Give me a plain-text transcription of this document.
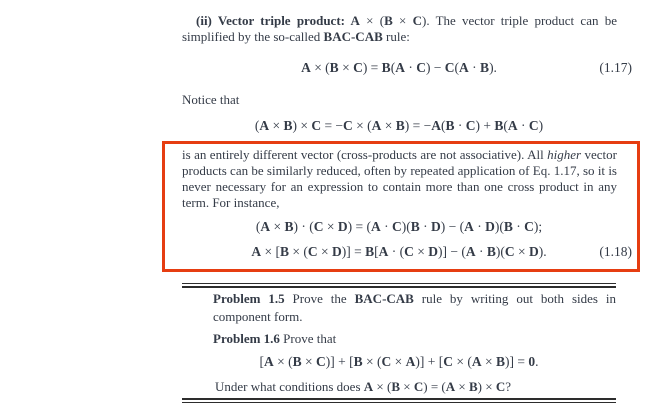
(ii) Vector triple product: A × (B × C). The vector triple product can be simplified by the so-called BAC-CAB rule:

A × (B × C) = B(A · C) − C(A · B).	(1.17)

Notice that

(A × B) × C = −C × (A × B) = −A(B · C) + B(A · C)

is an entirely different vector (cross-products are not associative). All higher vector products can be similarly reduced, often by repeated application of Eq. 1.17, so it is never necessary for an expression to contain more than one cross product in any term. For instance,

(A × B) · (C × D) = (A · C)(B · D) − (A · D)(B · C);
A × [B × (C × D)] = B[A · (C × D)] − (A · B)(C × D).	(1.18)

Problem 1.5 Prove the BAC-CAB rule by writing out both sides in component form.

Problem 1.6 Prove that

[A × (B × C)] + [B × (C × A)] + [C × (A × B)] = 0.

Under what conditions does A × (B × C) = (A × B) × C?
